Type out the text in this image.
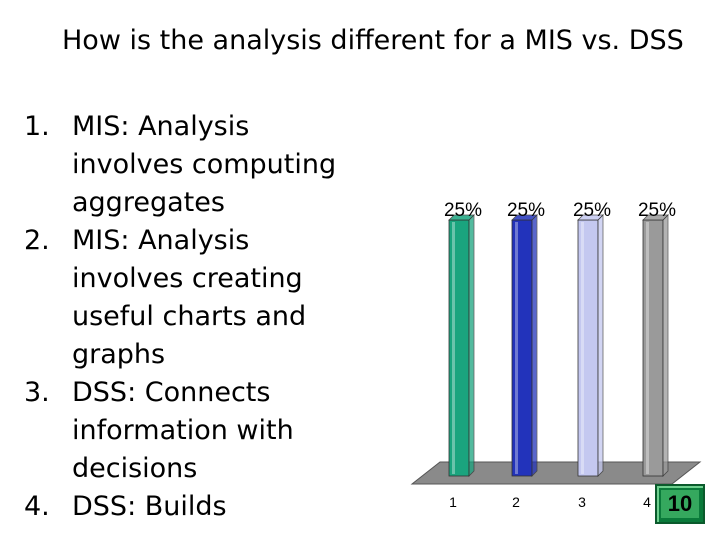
How is the analysis different for a MIS vs. DSS
1. MIS: Analysis involves computing aggregates
2. MIS: Analysis involves creating useful charts and graphs
3. DSS: Connects information with decisions
4. DSS: Builds
25% 25% 25% 25%
1	2	3	4 10
